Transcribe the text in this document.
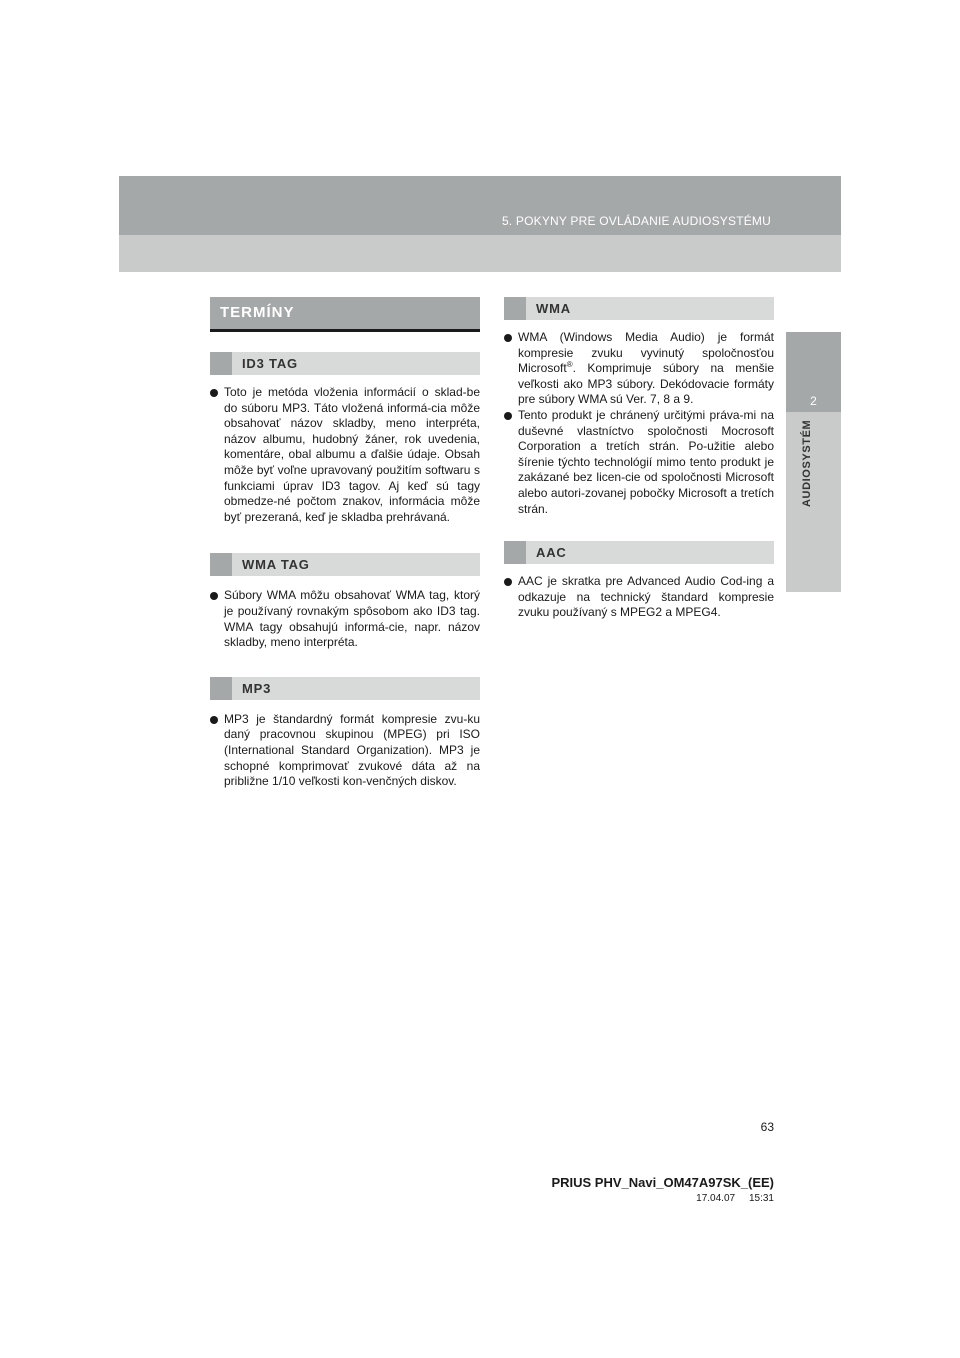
5. POKYNY PRE OVLÁDANIE AUDIOSYSTÉMU
2
AUDIOSYSTÉM
TERMÍNY
ID3 TAG
Toto je metóda vloženia informácií o sklad-be do súboru MP3. Táto vložená informá-cia môže obsahovať názov skladby, meno interpréta, názov albumu, hudobný žáner, rok uvedenia, komentáre, obal albumu a ďalšie údaje. Obsah môže byť voľne upravovaný použitím softwaru s funkciami úprav ID3 tagov. Aj keď sú tagy obmedze-né počtom znakov, informácia môže byť prezeraná, keď je skladba prehrávaná.
WMA TAG
Súbory WMA môžu obsahovať WMA tag, ktorý je používaný rovnakým spôsobom ako ID3 tag. WMA tagy obsahujú informá-cie, napr. názov skladby, meno interpréta.
MP3
MP3 je štandardný formát kompresie zvu-ku daný pracovnou skupinou (MPEG) pri ISO (International Standard Organization). MP3 je schopné komprimovať zvukové dáta až na približne 1/10 veľkosti kon-venčných diskov.
WMA
WMA (Windows Media Audio) je formát kompresie zvuku vyvinutý spoločnosťou Microsoft®. Komprimuje súbory na menšie veľkosti ako MP3 súbory. Dekódovacie formáty pre súbory WMA sú Ver. 7, 8 a 9.
Tento produkt je chránený určitými práva-mi na duševné vlastníctvo spoločnosti Mocrosoft Corporation a tretích strán. Po-užitie alebo šírenie týchto technológií mimo tento produkt je zakázané bez licen-cie od spoločnosti Microsoft alebo autori-zovanej pobočky Microsoft a tretích strán.
AAC
AAC je skratka pre Advanced Audio Cod-ing a odkazuje na technický štandard kompresie zvuku používaný s MPEG2 a MPEG4.
63
PRIUS PHV_Navi_OM47A97SK_(EE)
17.04.07     15:31
